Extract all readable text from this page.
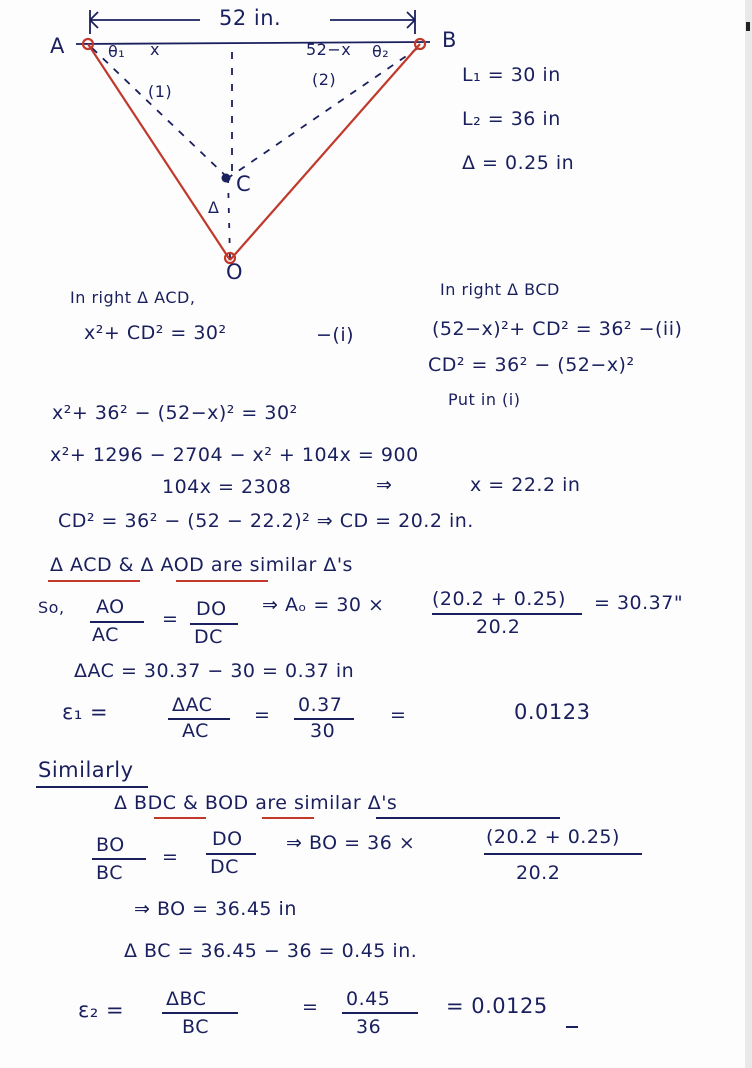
52 in.
A	B
θ₁ x	52−x θ₂
(1)
(2)
C
Δ
O
L₁ = 30 in
L₂ = 36 in
Δ = 0.25 in
In right Δ ACD,
x²+ CD² = 30²	−(i)
In right Δ BCD
(52−x)²+ CD² = 36² −(ii)
CD² = 36² − (52−x)²
Put in (i)
x²+ 36² − (52−x)² = 30²
x²+ 1296 − 2704 − x² + 104x = 900
104x = 2308	⇒	x = 22.2 in
CD² = 36² − (52 − 22.2)² ⇒ CD = 20.2 in.
Δ ACD & Δ AOD are similar Δ's
So, AO
AC
= DO
DC
⇒ Aₒ = 30 ×	(20.2 + 0.25)
20.2
= 30.37"
ΔAC = 30.37 − 30 = 0.37 in
ε₁ =	ΔAC
AC
= 0.37
30
=	0.0123
Similarly
Δ BDC & BOD are similar Δ's
BO
BC
=
DO
DC
⇒ BO = 36 ×	(20.2 + 0.25)
20.2
⇒ BO = 36.45 in
Δ BC = 36.45 − 36 = 0.45 in.
ε₂ = ΔBC
BC
= 0.45
36
= 0.0125
